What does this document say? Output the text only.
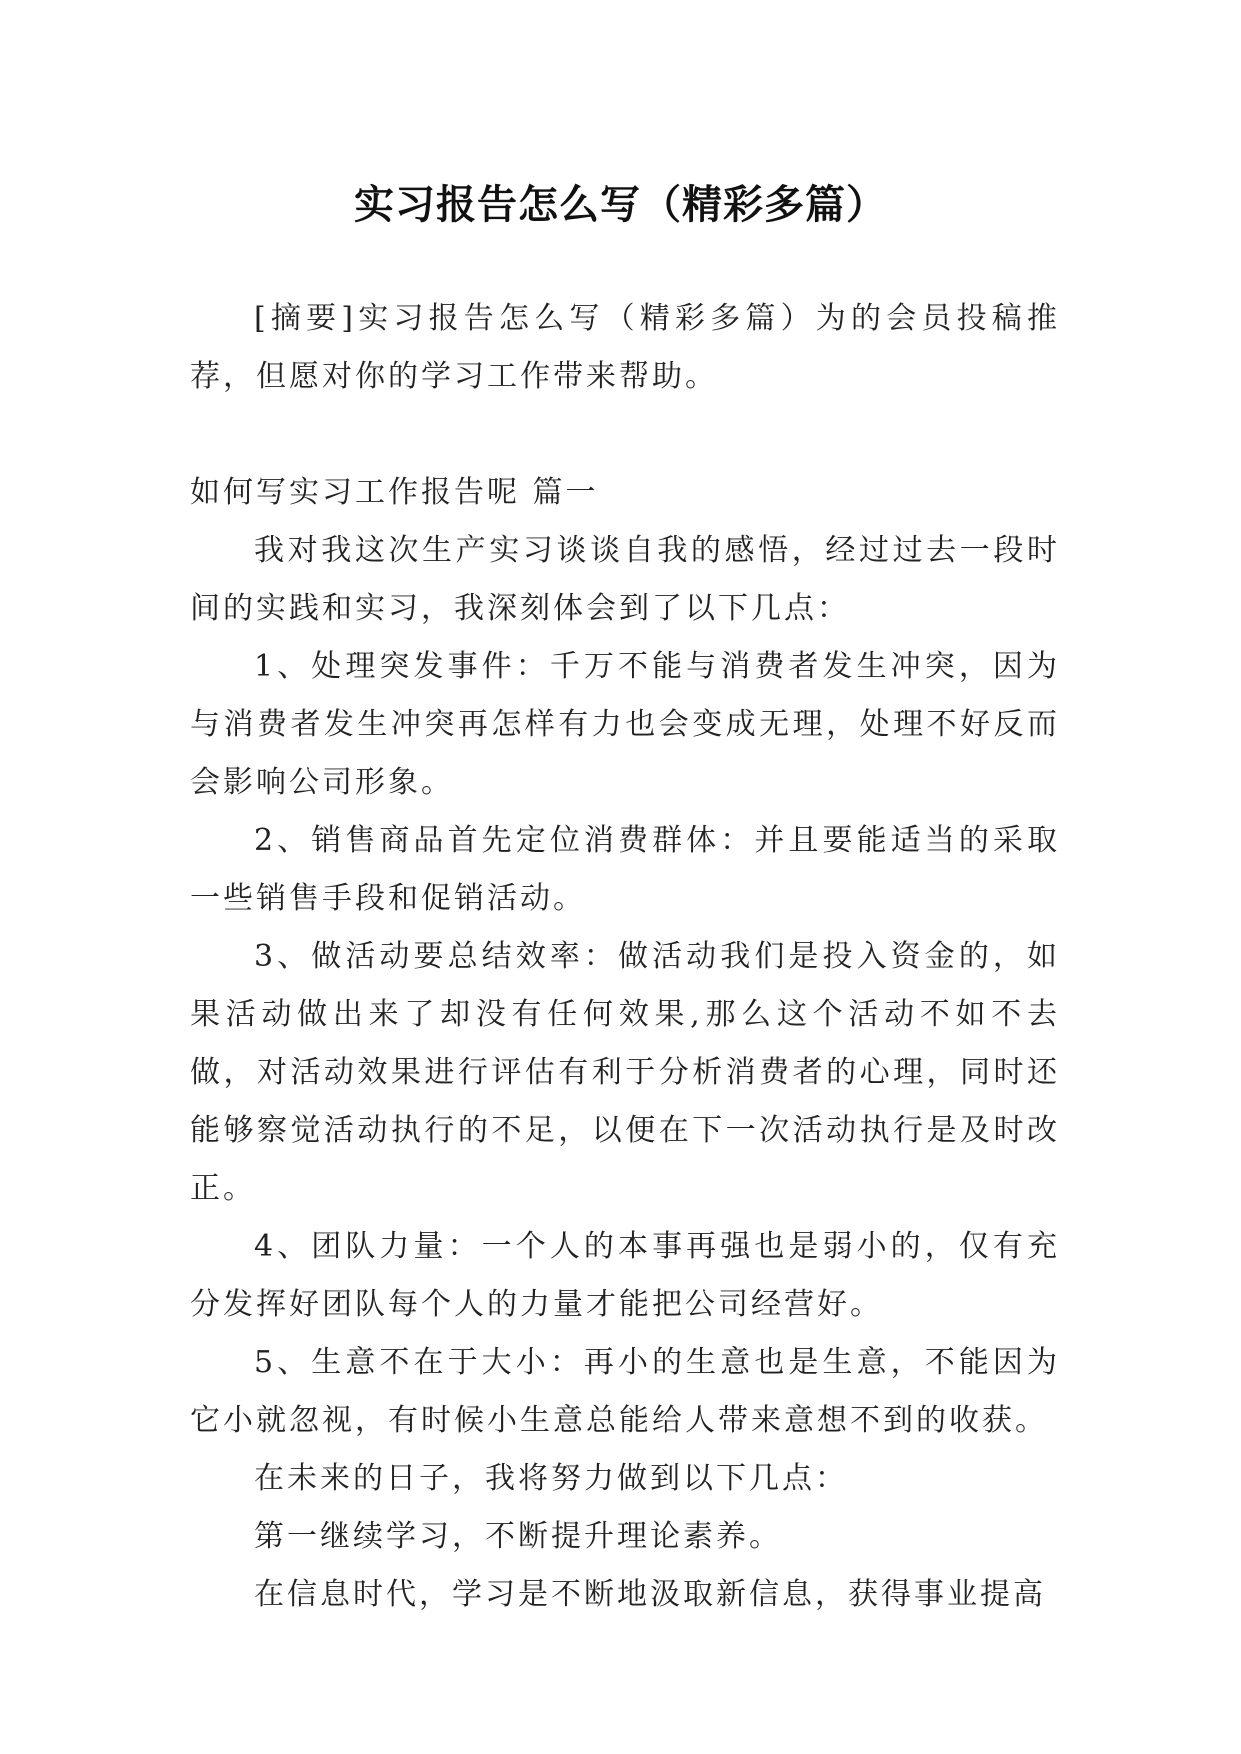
实习报告怎么写（精彩多篇）

[摘要]实习报告怎么写（精彩多篇）为的会员投稿推荐，但愿对你的学习工作带来帮助。

如何写实习工作报告呢 篇一

我对我这次生产实习谈谈自我的感悟，经过过去一段时间的实践和实习，我深刻体会到了以下几点：

1、处理突发事件：千万不能与消费者发生冲突，因为与消费者发生冲突再怎样有力也会变成无理，处理不好反而会影响公司形象。

2、销售商品首先定位消费群体：并且要能适当的采取一些销售手段和促销活动。

3、做活动要总结效率：做活动我们是投入资金的，如果活动做出来了却没有任何效果,那么这个活动不如不去做，对活动效果进行评估有利于分析消费者的心理，同时还能够察觉活动执行的不足，以便在下一次活动执行是及时改正。

4、团队力量：一个人的本事再强也是弱小的，仅有充分发挥好团队每个人的力量才能把公司经营好。

5、生意不在于大小：再小的生意也是生意，不能因为它小就忽视，有时候小生意总能给人带来意想不到的收获。

在未来的日子，我将努力做到以下几点：

第一继续学习，不断提升理论素养。

在信息时代，学习是不断地汲取新信息，获得事业提高
